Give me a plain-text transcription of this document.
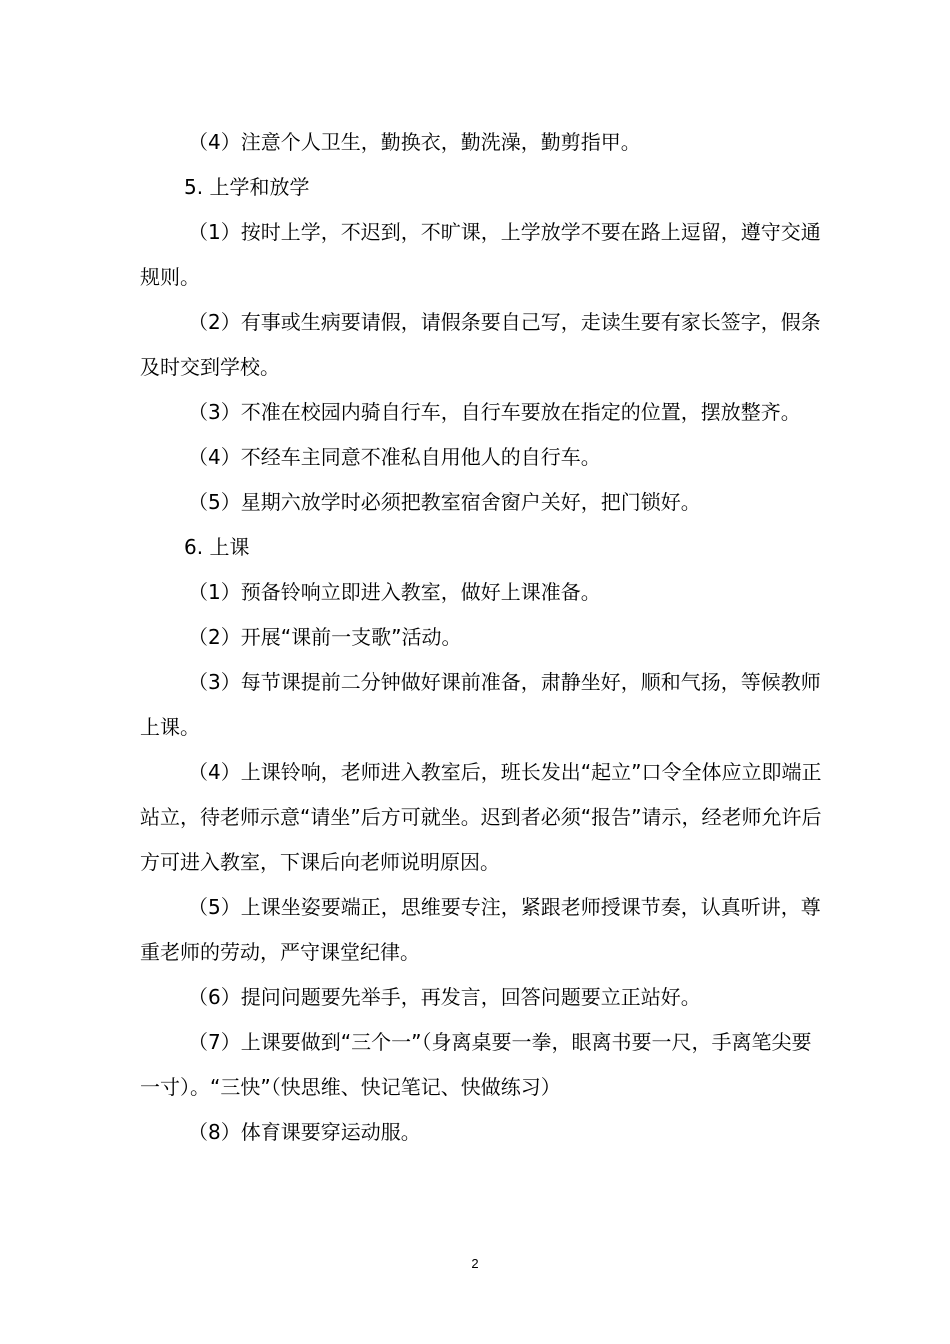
（4）注意个人卫生，勤换衣，勤洗澡，勤剪指甲。

5. 上学和放学

（1）按时上学，不迟到，不旷课，上学放学不要在路上逗留，遵守交通规则。

（2）有事或生病要请假，请假条要自己写，走读生要有家长签字，假条及时交到学校。

（3）不准在校园内骑自行车，自行车要放在指定的位置，摆放整齐。

（4）不经车主同意不准私自用他人的自行车。

（5）星期六放学时必须把教室宿舍窗户关好，把门锁好。

6. 上课

（1）预备铃响立即进入教室，做好上课准备。

（2）开展“课前一支歌”活动。

（3）每节课提前二分钟做好课前准备，肃静坐好，顺和气扬，等候教师上课。

（4）上课铃响，老师进入教室后，班长发出“起立”口令全体应立即端正站立，待老师示意“请坐”后方可就坐。迟到者必须“报告”请示，经老师允许后方可进入教室，下课后向老师说明原因。

（5）上课坐姿要端正，思维要专注，紧跟老师授课节奏，认真听讲，尊重老师的劳动，严守课堂纪律。

（6）提问问题要先举手，再发言，回答问题要立正站好。

（7）上课要做到“三个一”（身离桌要一拳，眼离书要一尺，手离笔尖要一寸）。“三快”（快思维、快记笔记、快做练习）

（8）体育课要穿运动服。

2
